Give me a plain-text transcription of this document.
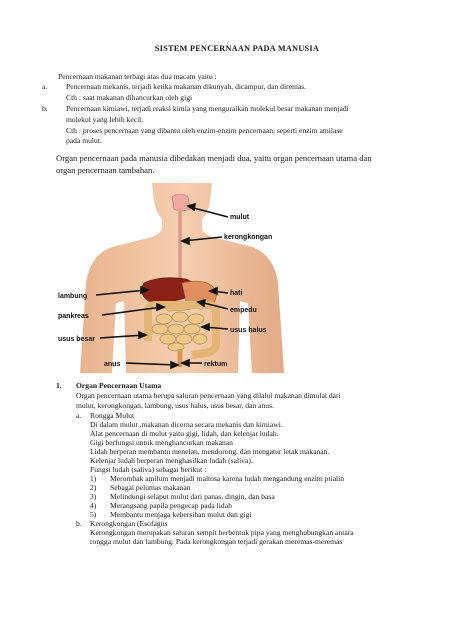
SISTEM PENCERNAAN PADA MANUSIA
Pencernaan makanan terbagi atas dua macam yaitu :
a. Pencernaan mekanis, terjadi ketika makanan dikunyah, dicampur, dan diremas.
Cth : saat makanan dihancurkan oleh gigi
b. Pencernaan kimiawi, terjadi reaksi kimia yang menguraikan molekul besar makanan menjadi
molekul yang lebih kecil.
Cth : proses pencernaan yang dibantu oleh enzim-enzim pencernaan, seperti enzim amilase
pada mulut.
Organ pencernaan pada manusia dibedakan menjadi dua, yaitu organ pencernaan utama dan
organ pencernaan tambahan.
mulut
kerongkongan
lambung	hati
empedu
pankreas
usus halus
usus besar
anus	rektum
1. Organ Pencernaan Utama
Organ pencernaan utama berupa saluran pencernaan yang dilalui makanan dimulai dari
mulut, kerongkongan, lambung, usus halus, usus besar, dan anus.
a. Rongga Mulut
Di dalam mulut ,makanan dicerna secara mekanis dan kimiawi.
Alat pencernaan di mulut yaitu gigi, lidah, dan kelenjar ludah.
Gigi berfungsi untuk menghancurkan makanan
Lidah berperan membantu menelan, mendorong, dan mengatur letak makanan.
Kelenjar ludah berperan menghasilkan ludah (saliva).
Fungsi ludah (saliva) sebagai berikut :
1) Merombak amilum menjadi maltosa karena ludah mengandung enzim ptialin
2) Sebagai pelumas makanan
3) Melindungi selaput mulut dari panas, dingin, dan basa
4) Merangsang papila pengecap pada lidah
5) Membantu menjaga kebersihan mulut dan gigi
b. Kerongkongan (Esofagus
Kerongkongan merupakan saluran sempit berbentuk pipa yang menghubungkan antara
rongga mulut dan lambung. Pada kerongkongan terjadi gerakan meremas-meremas
